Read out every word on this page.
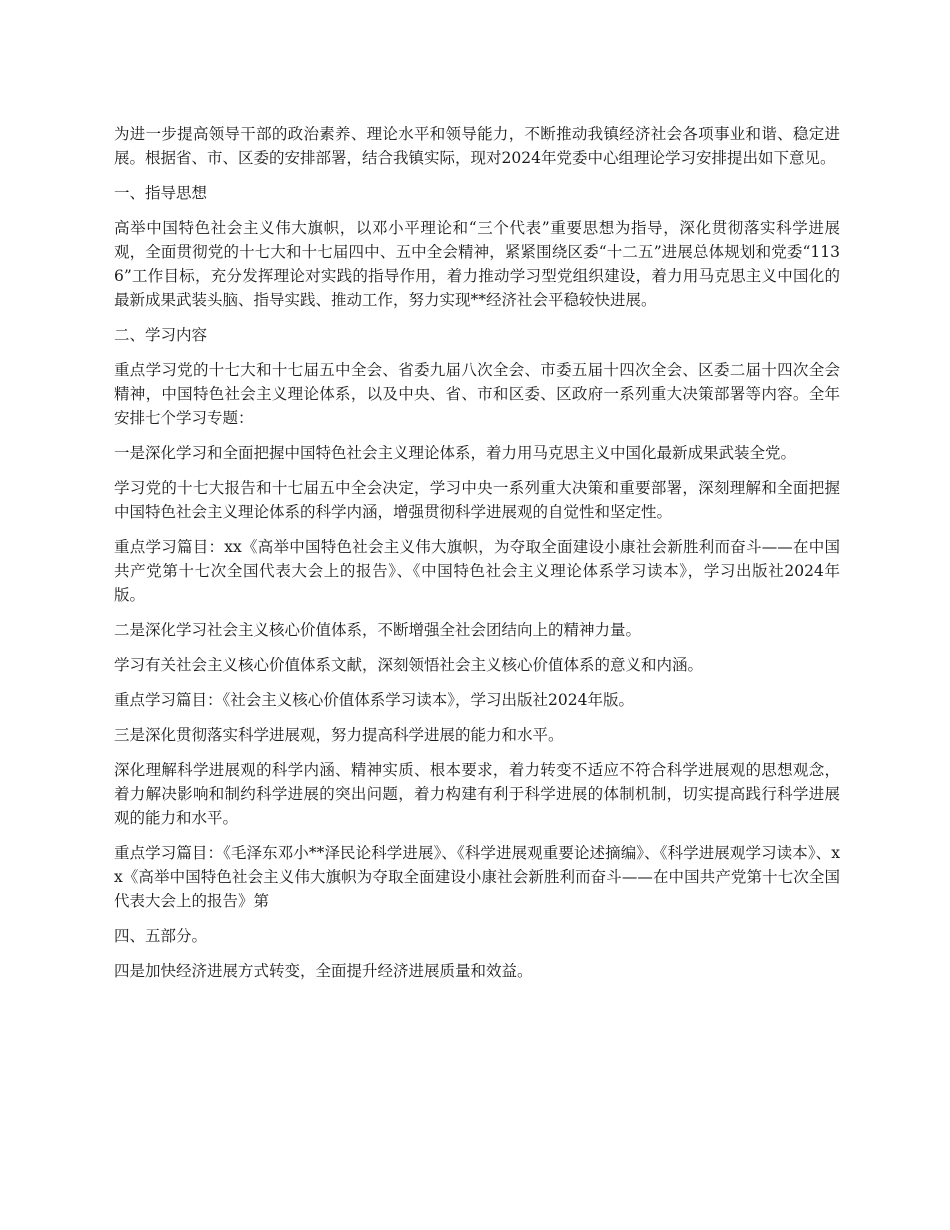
为进一步提高领导干部的政治素养、理论水平和领导能力，不断推动我镇经济社会各项事业和谐、稳定进展。根据省、市、区委的安排部署，结合我镇实际，现对2024年党委中心组理论学习安排提出如下意见。

一、指导思想

高举中国特色社会主义伟大旗帜，以邓小平理论和“三个代表”重要思想为指导，深化贯彻落实科学进展观，全面贯彻党的十七大和十七届四中、五中全会精神，紧紧围绕区委“十二五”进展总体规划和党委“1136”工作目标，充分发挥理论对实践的指导作用，着力推动学习型党组织建设，着力用马克思主义中国化的最新成果武装头脑、指导实践、推动工作，努力实现**经济社会平稳较快进展。

二、学习内容

重点学习党的十七大和十七届五中全会、省委九届八次全会、市委五届十四次全会、区委二届十四次全会精神，中国特色社会主义理论体系，以及中央、省、市和区委、区政府一系列重大决策部署等内容。全年安排七个学习专题：

一是深化学习和全面把握中国特色社会主义理论体系，着力用马克思主义中国化最新成果武装全党。

学习党的十七大报告和十七届五中全会决定，学习中央一系列重大决策和重要部署，深刻理解和全面把握中国特色社会主义理论体系的科学内涵，增强贯彻科学进展观的自觉性和坚定性。

重点学习篇目：xx《高举中国特色社会主义伟大旗帜，为夺取全面建设小康社会新胜利而奋斗——在中国共产党第十七次全国代表大会上的报告》、《中国特色社会主义理论体系学习读本》，学习出版社2024年版。

二是深化学习社会主义核心价值体系，不断增强全社会团结向上的精神力量。

学习有关社会主义核心价值体系文献，深刻领悟社会主义核心价值体系的意义和内涵。

重点学习篇目：《社会主义核心价值体系学习读本》，学习出版社2024年版。

三是深化贯彻落实科学进展观，努力提高科学进展的能力和水平。

深化理解科学进展观的科学内涵、精神实质、根本要求，着力转变不适应不符合科学进展观的思想观念，着力解决影响和制约科学进展的突出问题，着力构建有利于科学进展的体制机制，切实提高践行科学进展观的能力和水平。

重点学习篇目：《毛泽东邓小**泽民论科学进展》、《科学进展观重要论述摘编》、《科学进展观学习读本》、xx《高举中国特色社会主义伟大旗帜为夺取全面建设小康社会新胜利而奋斗——在中国共产党第十七次全国代表大会上的报告》第

四、五部分。

四是加快经济进展方式转变，全面提升经济进展质量和效益。
